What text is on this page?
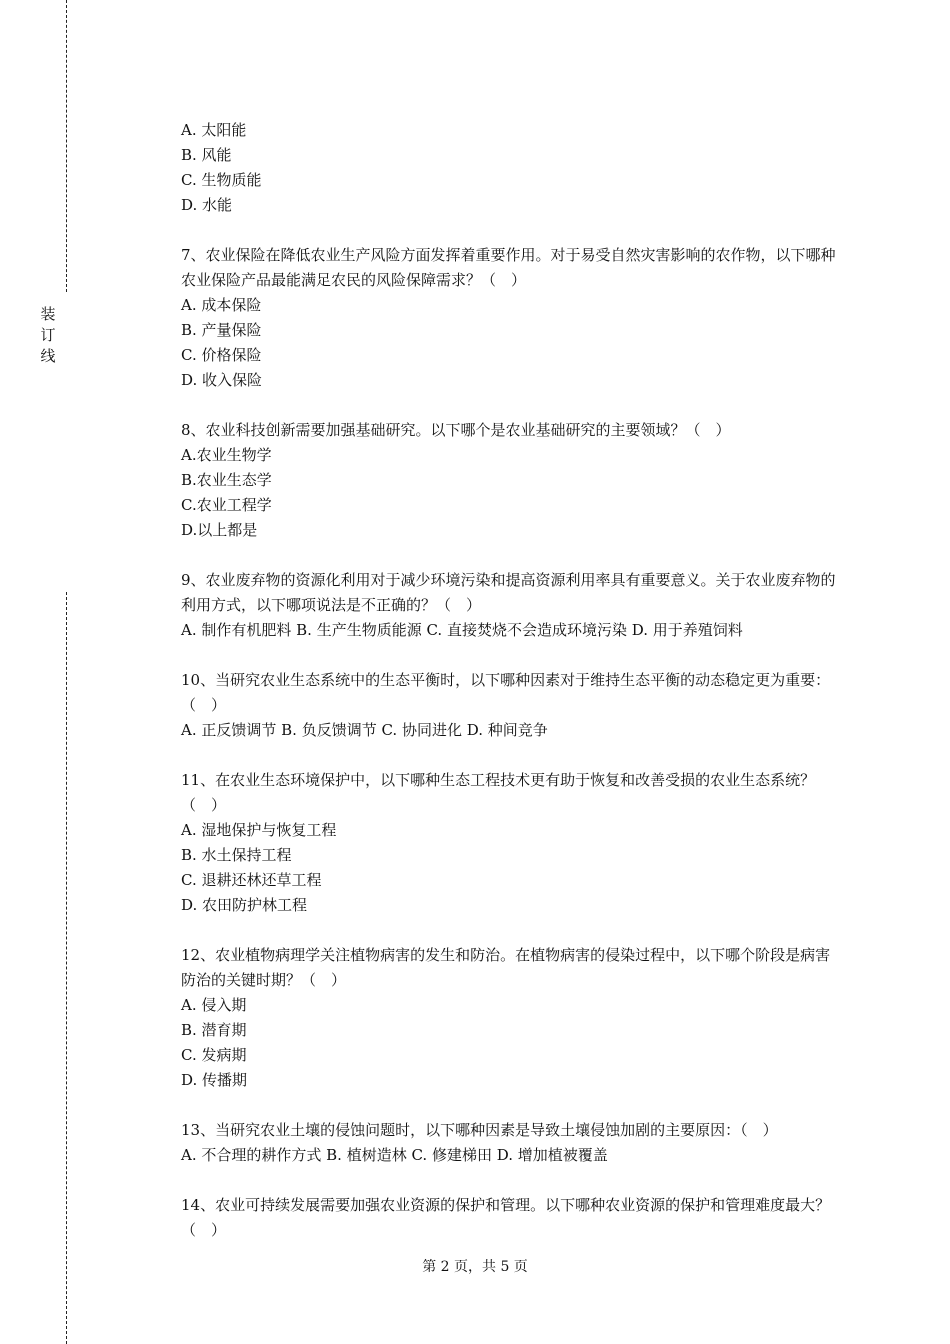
装
订
线

A. 太阳能

B. 风能

C. 生物质能

D. 水能

7、农业保险在降低农业生产风险方面发挥着重要作用。对于易受自然灾害影响的农作物，以下哪种农业保险产品最能满足农民的风险保障需求？（　）

A. 成本保险

B. 产量保险

C. 价格保险

D. 收入保险

8、农业科技创新需要加强基础研究。以下哪个是农业基础研究的主要领域？（　）

A.农业生物学

B.农业生态学

C.农业工程学

D.以上都是

9、农业废弃物的资源化利用对于减少环境污染和提高资源利用率具有重要意义。关于农业废弃物的利用方式，以下哪项说法是不正确的？（　）

A. 制作有机肥料 B. 生产生物质能源 C. 直接焚烧不会造成环境污染 D. 用于养殖饲料

10、当研究农业生态系统中的生态平衡时，以下哪种因素对于维持生态平衡的动态稳定更为重要：（　）

A. 正反馈调节 B. 负反馈调节 C. 协同进化 D. 种间竞争

11、在农业生态环境保护中，以下哪种生态工程技术更有助于恢复和改善受损的农业生态系统？（　）

A. 湿地保护与恢复工程

B. 水土保持工程

C. 退耕还林还草工程

D. 农田防护林工程

12、农业植物病理学关注植物病害的发生和防治。在植物病害的侵染过程中，以下哪个阶段是病害防治的关键时期？（　）

A. 侵入期

B. 潜育期

C. 发病期

D. 传播期

13、当研究农业土壤的侵蚀问题时，以下哪种因素是导致土壤侵蚀加剧的主要原因：（　）

A. 不合理的耕作方式 B. 植树造林 C. 修建梯田 D. 增加植被覆盖

14、农业可持续发展需要加强农业资源的保护和管理。以下哪种农业资源的保护和管理难度最大？（　）

第 2 页，共 5 页
